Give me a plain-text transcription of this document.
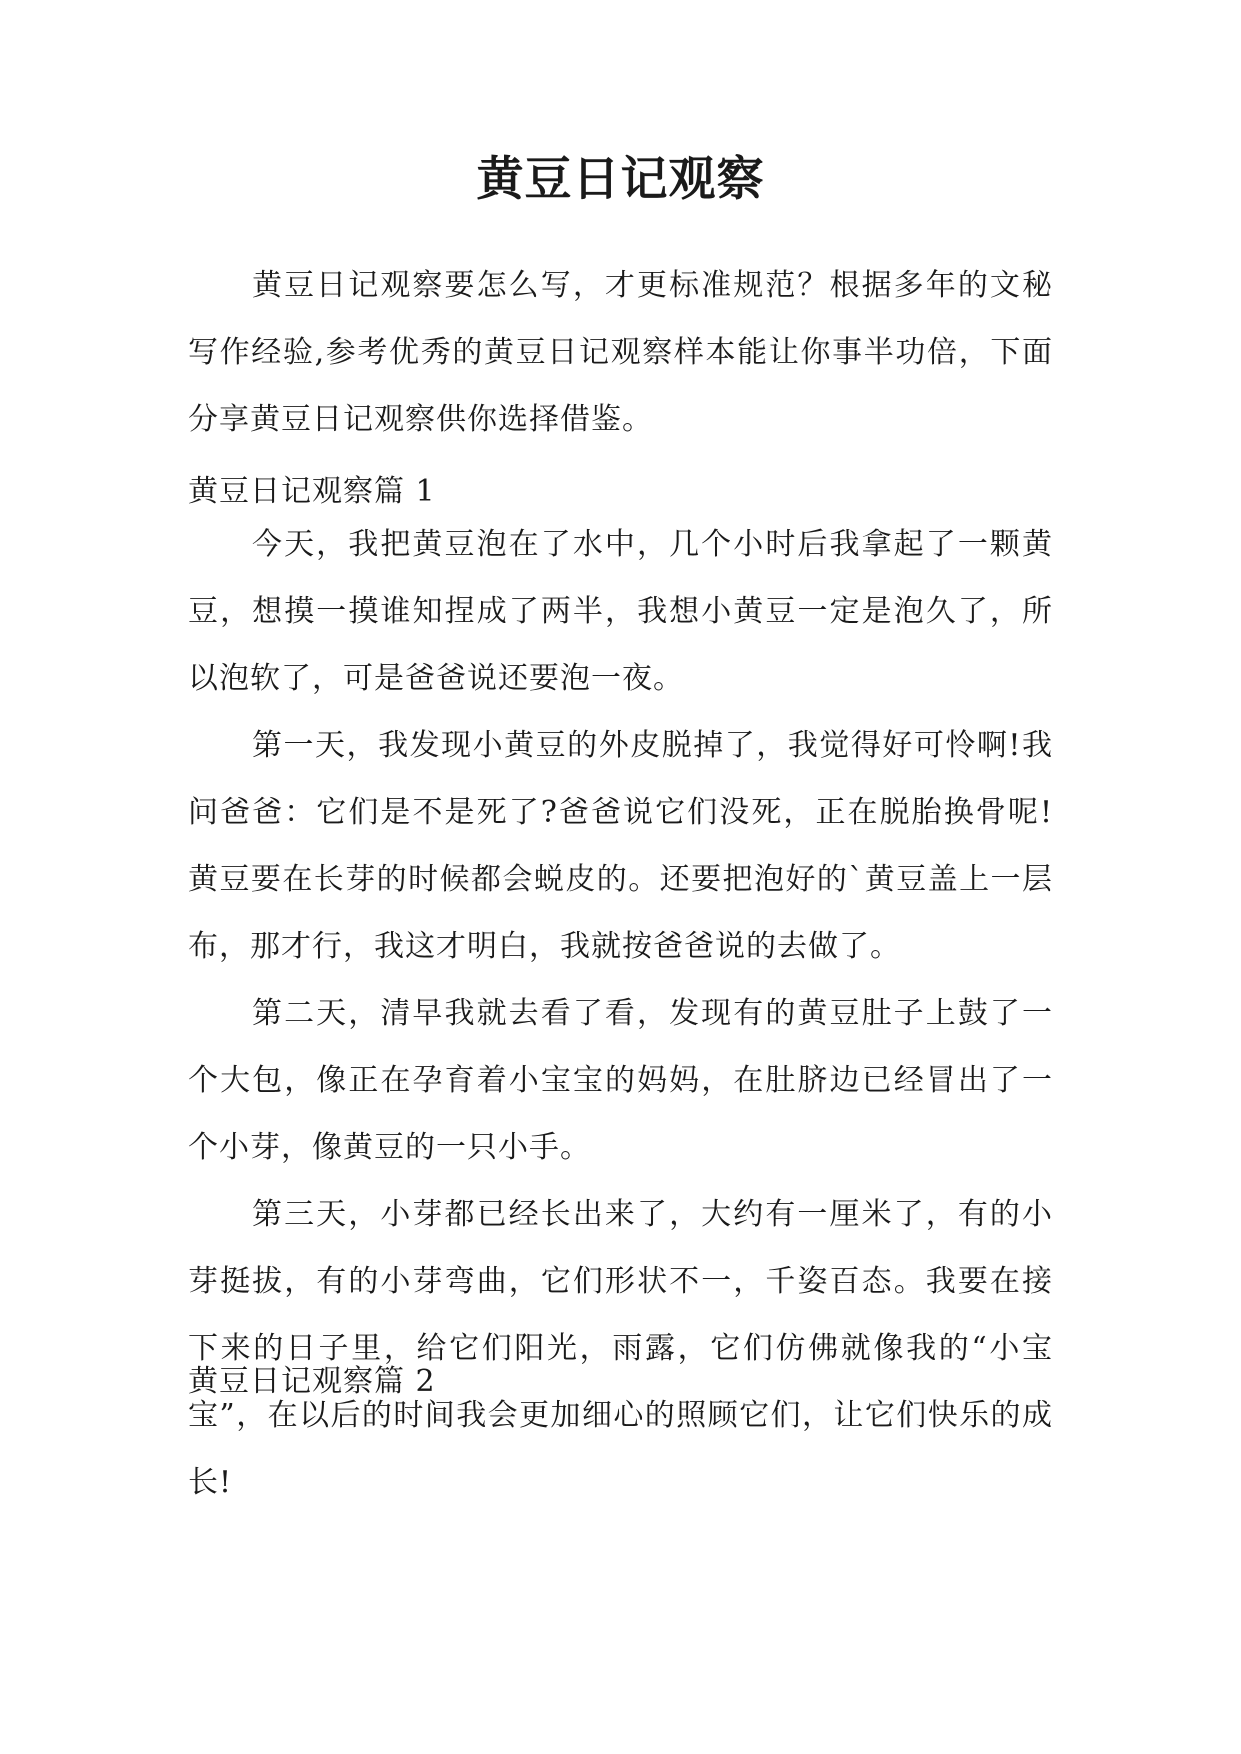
黄豆日记观察

黄豆日记观察要怎么写，才更标准规范？根据多年的文秘写作经验,参考优秀的黄豆日记观察样本能让你事半功倍，下面分享黄豆日记观察供你选择借鉴。

黄豆日记观察篇 1

今天，我把黄豆泡在了水中，几个小时后我拿起了一颗黄豆，想摸一摸谁知捏成了两半，我想小黄豆一定是泡久了，所以泡软了，可是爸爸说还要泡一夜。

第一天，我发现小黄豆的外皮脱掉了，我觉得好可怜啊!我问爸爸：它们是不是死了?爸爸说它们没死，正在脱胎换骨呢!黄豆要在长芽的时候都会蜕皮的。还要把泡好的`黄豆盖上一层布，那才行，我这才明白，我就按爸爸说的去做了。

第二天，清早我就去看了看，发现有的黄豆肚子上鼓了一个大包，像正在孕育着小宝宝的妈妈，在肚脐边已经冒出了一个小芽，像黄豆的一只小手。

第三天，小芽都已经长出来了，大约有一厘米了，有的小芽挺拔，有的小芽弯曲，它们形状不一，千姿百态。我要在接下来的日子里，给它们阳光，雨露，它们仿佛就像我的“小宝宝”，在以后的时间我会更加细心的照顾它们，让它们快乐的成长!

黄豆日记观察篇 2
